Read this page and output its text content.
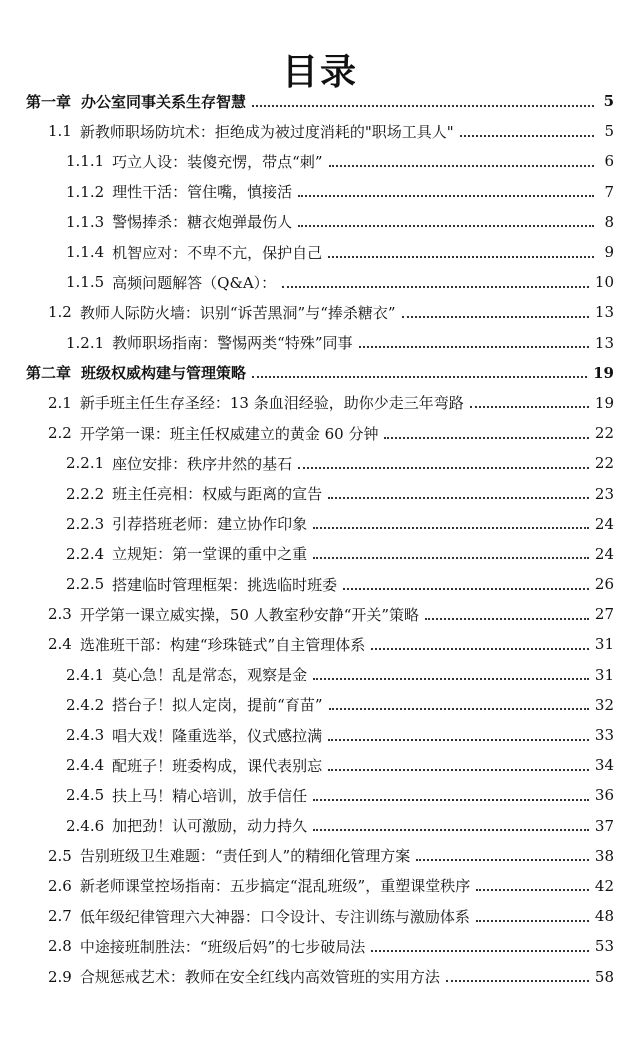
目录
第一章 办公室同事关系生存智慧	5
1.1 新教师职场防坑术：拒绝成为被过度消耗的"职场工具人"	5
1.1.1 巧立人设：装傻充愣，带点“刺”	6
1.1.2 理性干活：管住嘴，慎接活	7
1.1.3 警惕捧杀：糖衣炮弹最伤人	8
1.1.4 机智应对：不卑不亢，保护自己	9
1.1.5 高频问题解答（Q&A）：	10
1.2 教师人际防火墙：识别“诉苦黑洞”与“捧杀糖衣”	13
1.2.1 教师职场指南：警惕两类“特殊”同事	13
第二章 班级权威构建与管理策略	19
2.1 新手班主任生存圣经：13 条血泪经验，助你少走三年弯路	19
2.2 开学第一课：班主任权威建立的黄金 60 分钟	22
2.2.1 座位安排：秩序井然的基石	22
2.2.2 班主任亮相：权威与距离的宣告	23
2.2.3 引荐搭班老师：建立协作印象	24
2.2.4 立规矩：第一堂课的重中之重	24
2.2.5 搭建临时管理框架：挑选临时班委	26
2.3 开学第一课立威实操，50 人教室秒安静“开关”策略	27
2.4 选准班干部：构建“珍珠链式”自主管理体系	31
2.4.1 莫心急！乱是常态，观察是金	31
2.4.2 搭台子！拟人定岗，提前“育苗”	32
2.4.3 唱大戏！隆重选举，仪式感拉满	33
2.4.4 配班子！班委构成，课代表别忘	34
2.4.5 扶上马！精心培训，放手信任	36
2.4.6 加把劲！认可激励，动力持久	37
2.5 告别班级卫生难题：“责任到人”的精细化管理方案	38
2.6 新老师课堂控场指南：五步搞定“混乱班级”，重塑课堂秩序	42
2.7 低年级纪律管理六大神器：口令设计、专注训练与激励体系	48
2.8 中途接班制胜法：“班级后妈”的七步破局法	53
2.9 合规惩戒艺术：教师在安全红线内高效管班的实用方法	58
